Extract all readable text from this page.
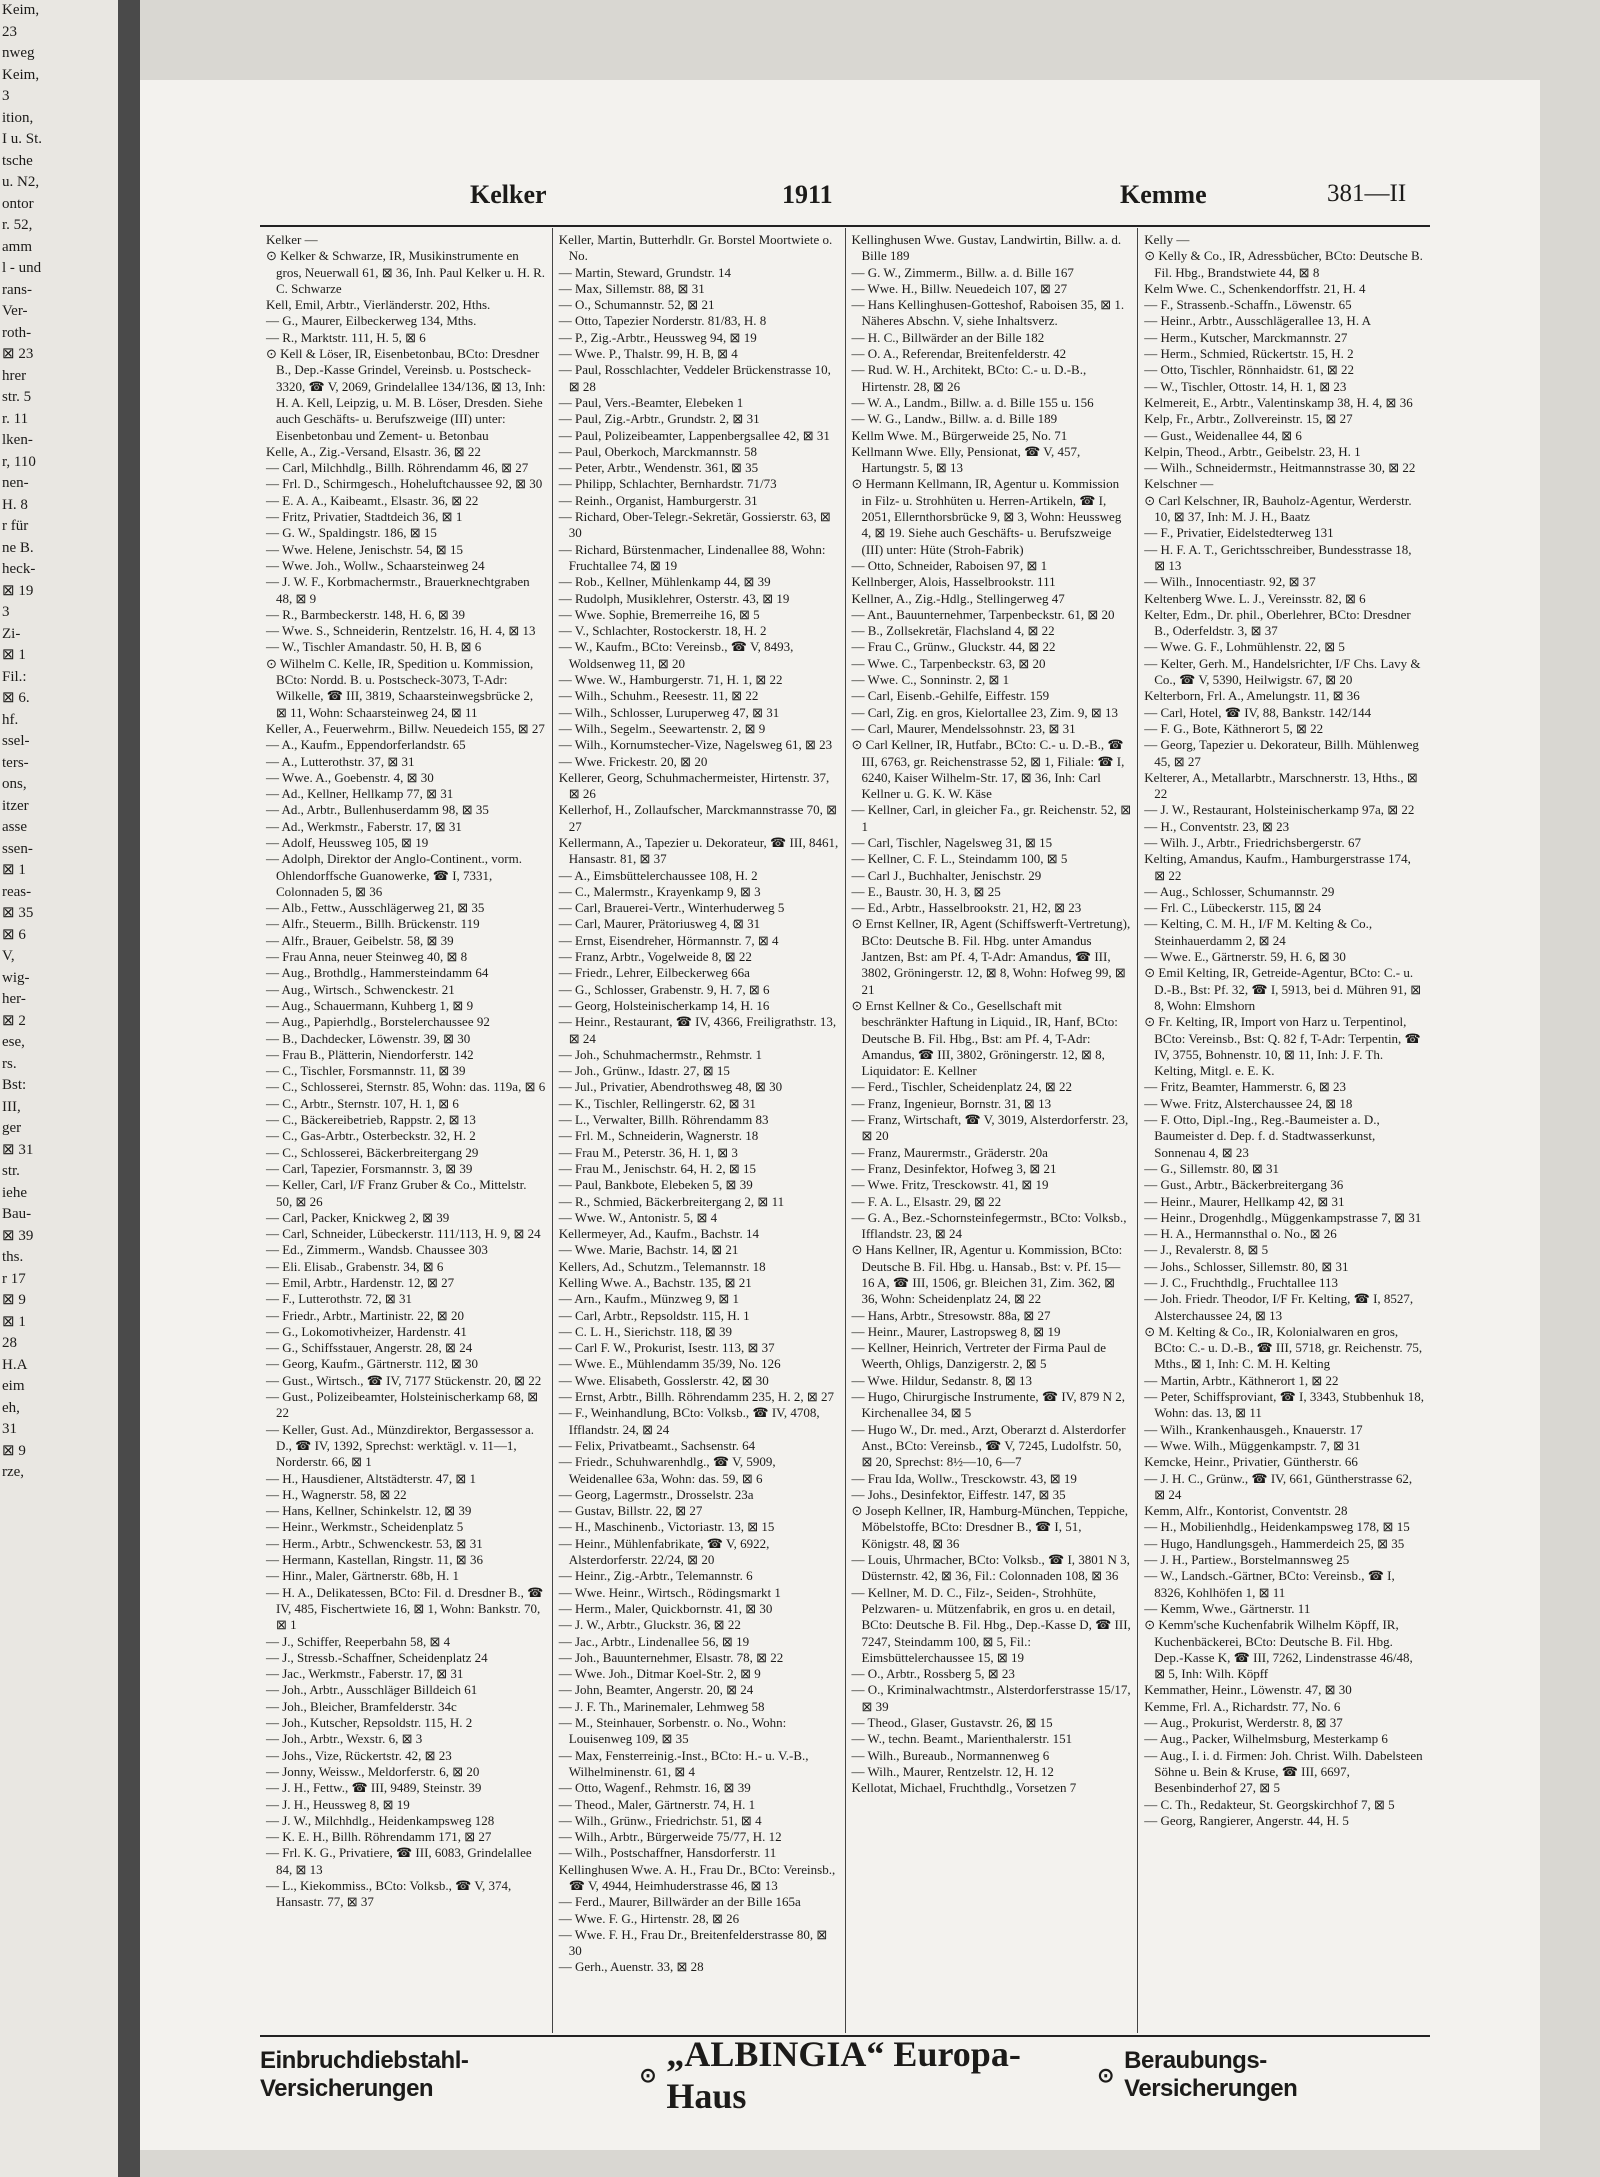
Keim,
23
nweg
Keim,
3
ition,
I u. St.
tsche
u. N2,
ontor
r. 52,
amm
l - und
rans-
Ver-
roth-
⊠ 23
hrer
str. 5
r. 11
lken-
r, 110
nen-
H. 8
r für
ne B.
heck-
⊠ 19
3
Zi-
⊠ 1
Fil.:
⊠ 6.
hf.
ssel-
ters-
ons,
itzer
asse
ssen-
⊠ 1
reas-
⊠ 35
⊠ 6
V,
wig-
her-
⊠ 2
ese,
rs.
Bst:
III,
ger
⊠ 31
str.
iehe
Bau-
⊠ 39
ths.
r 17
⊠ 9
⊠ 1
28
H.A
eim
eh,
31
⊠ 9
rze,
Kelker	1911	Kemme	381—II

Kelker —

⊙ Kelker & Schwarze, IR, Musikinstrumente en gros, Neuerwall 61, ⊠ 36, Inh. Paul Kelker u. H. R. C. Schwarze

Kell, Emil, Arbtr., Vierländerstr. 202, Hths.

— G., Maurer, Eilbeckerweg 134, Mths.

— R., Marktstr. 111, H. 5, ⊠ 6

⊙ Kell & Löser, IR, Eisenbetonbau, BCto: Dresdner B., Dep.-Kasse Grindel, Vereinsb. u. Postscheck-3320, ☎ V, 2069, Grindelallee 134/136, ⊠ 13, Inh: H. A. Kell, Leipzig, u. M. B. Löser, Dresden. Siehe auch Geschäfts- u. Berufszweige (III) unter: Eisenbetonbau und Zement- u. Betonbau

Kelle, A., Zig.-Versand, Elsastr. 36, ⊠ 22

— Carl, Milchhdlg., Billh. Röhrendamm 46, ⊠ 27

— Frl. D., Schirmgesch., Hoheluftchaussee 92, ⊠ 30

— E. A. A., Kaibeamt., Elsastr. 36, ⊠ 22

— Fritz, Privatier, Stadtdeich 36, ⊠ 1

— G. W., Spaldingstr. 186, ⊠ 15

— Wwe. Helene, Jenischstr. 54, ⊠ 15

— Wwe. Joh., Wollw., Schaarsteinweg 24

— J. W. F., Korbmachermstr., Brauerknechtgraben 48, ⊠ 9

— R., Barmbeckerstr. 148, H. 6, ⊠ 39

— Wwe. S., Schneiderin, Rentzelstr. 16, H. 4, ⊠ 13

— W., Tischler Amandastr. 50, H. B, ⊠ 6

⊙ Wilhelm C. Kelle, IR, Spedition u. Kommission, BCto: Nordd. B. u. Postscheck-3073, T-Adr: Wilkelle, ☎ III, 3819, Schaarsteinwegsbrücke 2, ⊠ 11, Wohn: Schaarsteinweg 24, ⊠ 11

Keller, A., Feuerwehrm., Billw. Neuedeich 155, ⊠ 27

— A., Kaufm., Eppendorferlandstr. 65

— A., Lutterothstr. 37, ⊠ 31

— Wwe. A., Goebenstr. 4, ⊠ 30

— Ad., Kellner, Hellkamp 77, ⊠ 31

— Ad., Arbtr., Bullenhuserdamm 98, ⊠ 35

— Ad., Werkmstr., Faberstr. 17, ⊠ 31

— Adolf, Heussweg 105, ⊠ 19

— Adolph, Direktor der Anglo-Continent., vorm. Ohlendorffsche Guanowerke, ☎ I, 7331, Colonnaden 5, ⊠ 36

— Alb., Fettw., Ausschlägerweg 21, ⊠ 35

— Alfr., Steuerm., Billh. Brückenstr. 119

— Alfr., Brauer, Geibelstr. 58, ⊠ 39

— Frau Anna, neuer Steinweg 40, ⊠ 8

— Aug., Brothdlg., Hammersteindamm 64

— Aug., Wirtsch., Schwenckestr. 21

— Aug., Schauermann, Kuhberg 1, ⊠ 9

— Aug., Papierhdlg., Borstelerchaussee 92

— B., Dachdecker, Löwenstr. 39, ⊠ 30

— Frau B., Plätterin, Niendorferstr. 142

— C., Tischler, Forsmannstr. 11, ⊠ 39

— C., Schlosserei, Sternstr. 85, Wohn: das. 119a, ⊠ 6

— C., Arbtr., Sternstr. 107, H. 1, ⊠ 6

— C., Bäckereibetrieb, Rappstr. 2, ⊠ 13

— C., Gas-Arbtr., Osterbeckstr. 32, H. 2

— C., Schlosserei, Bäckerbreitergang 29

— Carl, Tapezier, Forsmannstr. 3, ⊠ 39

— Keller, Carl, I/F Franz Gruber & Co., Mittelstr. 50, ⊠ 26

— Carl, Packer, Knickweg 2, ⊠ 39

— Carl, Schneider, Lübeckerstr. 111/113, H. 9, ⊠ 24

— Ed., Zimmerm., Wandsb. Chaussee 303

— Eli. Elisab., Grabenstr. 34, ⊠ 6

— Emil, Arbtr., Hardenstr. 12, ⊠ 27

— F., Lutterothstr. 72, ⊠ 31

— Friedr., Arbtr., Martinistr. 22, ⊠ 20

— G., Lokomotivheizer, Hardenstr. 41

— G., Schiffsstauer, Angerstr. 28, ⊠ 24

— Georg, Kaufm., Gärtnerstr. 112, ⊠ 30

— Gust., Wirtsch., ☎ IV, 7177 Stückenstr. 20, ⊠ 22

— Gust., Polizeibeamter, Holsteinischerkamp 68, ⊠ 22

— Keller, Gust. Ad., Münzdirektor, Bergassessor a. D., ☎ IV, 1392, Sprechst: werktägl. v. 11—1, Norderstr. 66, ⊠ 1

— H., Hausdiener, Altstädterstr. 47, ⊠ 1

— H., Wagnerstr. 58, ⊠ 22

— Hans, Kellner, Schinkelstr. 12, ⊠ 39

— Heinr., Werkmstr., Scheidenplatz 5

— Herm., Arbtr., Schwenckestr. 53, ⊠ 31

— Hermann, Kastellan, Ringstr. 11, ⊠ 36

— Hinr., Maler, Gärtnerstr. 68b, H. 1

— H. A., Delikatessen, BCto: Fil. d. Dresdner B., ☎ IV, 485, Fischertwiete 16, ⊠ 1, Wohn: Bankstr. 70, ⊠ 1

— J., Schiffer, Reeperbahn 58, ⊠ 4

— J., Stressb.-Schaffner, Scheidenplatz 24

— Jac., Werkmstr., Faberstr. 17, ⊠ 31

— Joh., Arbtr., Ausschläger Billdeich 61

— Joh., Bleicher, Bramfelderstr. 34c

— Joh., Kutscher, Repsoldstr. 115, H. 2

— Joh., Arbtr., Wexstr. 6, ⊠ 3

— Johs., Vize, Rückertstr. 42, ⊠ 23

— Jonny, Weissw., Meldorferstr. 6, ⊠ 20

— J. H., Fettw., ☎ III, 9489, Steinstr. 39

— J. H., Heussweg 8, ⊠ 19

— J. W., Milchhdlg., Heidenkampsweg 128

— K. E. H., Billh. Röhrendamm 171, ⊠ 27

— Frl. K. G., Privatiere, ☎ III, 6083, Grindelallee 84, ⊠ 13

— L., Kiekommiss., BCto: Volksb., ☎ V, 374, Hansastr. 77, ⊠ 37

Keller, Martin, Butterhdlr. Gr. Borstel Moortwiete o. No.

— Martin, Steward, Grundstr. 14

— Max, Sillemstr. 88, ⊠ 31

— O., Schumannstr. 52, ⊠ 21

— Otto, Tapezier Norderstr. 81/83, H. 8

— P., Zig.-Arbtr., Heussweg 94, ⊠ 19

— Wwe. P., Thalstr. 99, H. B, ⊠ 4

— Paul, Rosschlachter, Veddeler Brückenstrasse 10, ⊠ 28

— Paul, Vers.-Beamter, Elebeken 1

— Paul, Zig.-Arbtr., Grundstr. 2, ⊠ 31

— Paul, Polizeibeamter, Lappenbergsallee 42, ⊠ 31

— Paul, Oberkoch, Marckmannstr. 58

— Peter, Arbtr., Wendenstr. 361, ⊠ 35

— Philipp, Schlachter, Bernhardstr. 71/73

— Reinh., Organist, Hamburgerstr. 31

— Richard, Ober-Telegr.-Sekretär, Gossierstr. 63, ⊠ 30

— Richard, Bürstenmacher, Lindenallee 88, Wohn: Fruchtallee 74, ⊠ 19

— Rob., Kellner, Mühlenkamp 44, ⊠ 39

— Rudolph, Musiklehrer, Osterstr. 43, ⊠ 19

— Wwe. Sophie, Bremerreihe 16, ⊠ 5

— V., Schlachter, Rostockerstr. 18, H. 2

— W., Kaufm., BCto: Vereinsb., ☎ V, 8493, Woldsenweg 11, ⊠ 20

— Wwe. W., Hamburgerstr. 71, H. 1, ⊠ 22

— Wilh., Schuhm., Reesestr. 11, ⊠ 22

— Wilh., Schlosser, Luruperweg 47, ⊠ 31

— Wilh., Segelm., Seewartenstr. 2, ⊠ 9

— Wilh., Kornumstecher-Vize, Nagelsweg 61, ⊠ 23

— Wwe. Frickestr. 20, ⊠ 20

Kellerer, Georg, Schuhmachermeister, Hirtenstr. 37, ⊠ 26

Kellerhof, H., Zollaufscher, Marckmannstrasse 70, ⊠ 27

Kellermann, A., Tapezier u. Dekorateur, ☎ III, 8461, Hansastr. 81, ⊠ 37

— A., Eimsbüttelerchaussee 108, H. 2

— C., Malermstr., Krayenkamp 9, ⊠ 3

— Carl, Brauerei-Vertr., Winterhuderweg 5

— Carl, Maurer, Prätoriusweg 4, ⊠ 31

— Ernst, Eisendreher, Hörmannstr. 7, ⊠ 4

— Franz, Arbtr., Vogelweide 8, ⊠ 22

— Friedr., Lehrer, Eilbeckerweg 66a

— G., Schlosser, Grabenstr. 9, H. 7, ⊠ 6

— Georg, Holsteinischerkamp 14, H. 16

— Heinr., Restaurant, ☎ IV, 4366, Freiligrathstr. 13, ⊠ 24

— Joh., Schuhmachermstr., Rehmstr. 1

— Joh., Grünw., Idastr. 27, ⊠ 15

— Jul., Privatier, Abendrothsweg 48, ⊠ 30

— K., Tischler, Rellingerstr. 62, ⊠ 31

— L., Verwalter, Billh. Röhrendamm 83

— Frl. M., Schneiderin, Wagnerstr. 18

— Frau M., Peterstr. 36, H. 1, ⊠ 3

— Frau M., Jenischstr. 64, H. 2, ⊠ 15

— Paul, Bankbote, Elebeken 5, ⊠ 39

— R., Schmied, Bäckerbreitergang 2, ⊠ 11

— Wwe. W., Antonistr. 5, ⊠ 4

Kellermeyer, Ad., Kaufm., Bachstr. 14

— Wwe. Marie, Bachstr. 14, ⊠ 21

Kellers, Ad., Schutzm., Telemannstr. 18

Kelling Wwe. A., Bachstr. 135, ⊠ 21

— Arn., Kaufm., Münzweg 9, ⊠ 1

— Carl, Arbtr., Repsoldstr. 115, H. 1

— C. L. H., Sierichstr. 118, ⊠ 39

— Carl F. W., Prokurist, Isestr. 113, ⊠ 37

— Wwe. E., Mühlendamm 35/39, No. 126

— Wwe. Elisabeth, Gosslerstr. 42, ⊠ 30

— Ernst, Arbtr., Billh. Röhrendamm 235, H. 2, ⊠ 27

— F., Weinhandlung, BCto: Volksb., ☎ IV, 4708, Ifflandstr. 24, ⊠ 24

— Felix, Privatbeamt., Sachsenstr. 64

— Friedr., Schuhwarenhdlg., ☎ V, 5909, Weidenallee 63a, Wohn: das. 59, ⊠ 6

— Georg, Lagermstr., Drosselstr. 23a

— Gustav, Billstr. 22, ⊠ 27

— H., Maschinenb., Victoriastr. 13, ⊠ 15

— Heinr., Mühlenfabrikate, ☎ V, 6922, Alsterdorferstr. 22/24, ⊠ 20

— Heinr., Zig.-Arbtr., Telemannstr. 6

— Wwe. Heinr., Wirtsch., Rödingsmarkt 1

— Herm., Maler, Quickbornstr. 41, ⊠ 30

— J. W., Arbtr., Gluckstr. 36, ⊠ 22

— Jac., Arbtr., Lindenallee 56, ⊠ 19

— Joh., Bauunternehmer, Elsastr. 78, ⊠ 22

— Wwe. Joh., Ditmar Koel-Str. 2, ⊠ 9

— John, Beamter, Angerstr. 20, ⊠ 24

— J. F. Th., Marinemaler, Lehmweg 58

— M., Steinhauer, Sorbenstr. o. No., Wohn: Louisenweg 109, ⊠ 35

— Max, Fensterreinig.-Inst., BCto: H.- u. V.-B., Wilhelminenstr. 61, ⊠ 4

— Otto, Wagenf., Rehmstr. 16, ⊠ 39

— Theod., Maler, Gärtnerstr. 74, H. 1

— Wilh., Grünw., Friedrichstr. 51, ⊠ 4

— Wilh., Arbtr., Bürgerweide 75/77, H. 12

— Wilh., Postschaffner, Hansdorferstr. 11

Kellinghusen Wwe. A. H., Frau Dr., BCto: Vereinsb., ☎ V, 4944, Heimhuderstrasse 46, ⊠ 13

— Ferd., Maurer, Billwärder an der Bille 165a

— Wwe. F. G., Hirtenstr. 28, ⊠ 26

— Wwe. F. H., Frau Dr., Breitenfelderstrasse 80, ⊠ 30

— Gerh., Auenstr. 33, ⊠ 28

Kellinghusen Wwe. Gustav, Landwirtin, Billw. a. d. Bille 189

— G. W., Zimmerm., Billw. a. d. Bille 167

— Wwe. H., Billw. Neuedeich 107, ⊠ 27

— Hans Kellinghusen-Gotteshof, Raboisen 35, ⊠ 1. Näheres Abschn. V, siehe Inhaltsverz.

— H. C., Billwärder an der Bille 182

— O. A., Referendar, Breitenfelderstr. 42

— Rud. W. H., Architekt, BCto: C.- u. D.-B., Hirtenstr. 28, ⊠ 26

— W. A., Landm., Billw. a. d. Bille 155 u. 156

— W. G., Landw., Billw. a. d. Bille 189

Kellm Wwe. M., Bürgerweide 25, No. 71

Kellmann Wwe. Elly, Pensionat, ☎ V, 457, Hartungstr. 5, ⊠ 13

⊙ Hermann Kellmann, IR, Agentur u. Kommission in Filz- u. Strohhüten u. Herren-Artikeln, ☎ I, 2051, Ellernthorsbrücke 9, ⊠ 3, Wohn: Heussweg 4, ⊠ 19. Siehe auch Geschäfts- u. Berufszweige (III) unter: Hüte (Stroh-Fabrik)

— Otto, Schneider, Raboisen 97, ⊠ 1

Kellnberger, Alois, Hasselbrookstr. 111

Kellner, A., Zig.-Hdlg., Stellingerweg 47

— Ant., Bauunternehmer, Tarpenbeckstr. 61, ⊠ 20

— B., Zollsekretär, Flachsland 4, ⊠ 22

— Frau C., Grünw., Gluckstr. 44, ⊠ 22

— Wwe. C., Tarpenbeckstr. 63, ⊠ 20

— Wwe. C., Sonninstr. 2, ⊠ 1

— Carl, Eisenb.-Gehilfe, Eiffestr. 159

— Carl, Zig. en gros, Kielortallee 23, Zim. 9, ⊠ 13

— Carl, Maurer, Mendelssohnstr. 23, ⊠ 31

⊙ Carl Kellner, IR, Hutfabr., BCto: C.- u. D.-B., ☎ III, 6763, gr. Reichenstrasse 52, ⊠ 1, Filiale: ☎ I, 6240, Kaiser Wilhelm-Str. 17, ⊠ 36, Inh: Carl Kellner u. G. K. W. Käse

— Kellner, Carl, in gleicher Fa., gr. Reichenstr. 52, ⊠ 1

— Carl, Tischler, Nagelsweg 31, ⊠ 15

— Kellner, C. F. L., Steindamm 100, ⊠ 5

— Carl J., Buchhalter, Jenischstr. 29

— E., Baustr. 30, H. 3, ⊠ 25

— Ed., Arbtr., Hasselbrookstr. 21, H2, ⊠ 23

⊙ Ernst Kellner, IR, Agent (Schiffswerft-Vertretung), BCto: Deutsche B. Fil. Hbg. unter Amandus Jantzen, Bst: am Pf. 4, T-Adr: Amandus, ☎ III, 3802, Gröningerstr. 12, ⊠ 8, Wohn: Hofweg 99, ⊠ 21

⊙ Ernst Kellner & Co., Gesellschaft mit beschränkter Haftung in Liquid., IR, Hanf, BCto: Deutsche B. Fil. Hbg., Bst: am Pf. 4, T-Adr: Amandus, ☎ III, 3802, Gröningerstr. 12, ⊠ 8, Liquidator: E. Kellner

— Ferd., Tischler, Scheidenplatz 24, ⊠ 22

— Franz, Ingenieur, Bornstr. 31, ⊠ 13

— Franz, Wirtschaft, ☎ V, 3019, Alsterdorferstr. 23, ⊠ 20

— Franz, Maurermstr., Gräderstr. 20a

— Franz, Desinfektor, Hofweg 3, ⊠ 21

— Wwe. Fritz, Tresckowstr. 41, ⊠ 19

— F. A. L., Elsastr. 29, ⊠ 22

— G. A., Bez.-Schornsteinfegermstr., BCto: Volksb., Ifflandstr. 23, ⊠ 24

⊙ Hans Kellner, IR, Agentur u. Kommission, BCto: Deutsche B. Fil. Hbg. u. Hansab., Bst: v. Pf. 15—16 A, ☎ III, 1506, gr. Bleichen 31, Zim. 362, ⊠ 36, Wohn: Scheidenplatz 24, ⊠ 22

— Hans, Arbtr., Stresowstr. 88a, ⊠ 27

— Heinr., Maurer, Lastropsweg 8, ⊠ 19

— Kellner, Heinrich, Vertreter der Firma Paul de Weerth, Ohligs, Danzigerstr. 2, ⊠ 5

— Wwe. Hildur, Sedanstr. 8, ⊠ 13

— Hugo, Chirurgische Instrumente, ☎ IV, 879 N 2, Kirchenallee 34, ⊠ 5

— Hugo W., Dr. med., Arzt, Oberarzt d. Alsterdorfer Anst., BCto: Vereinsb., ☎ V, 7245, Ludolfstr. 50, ⊠ 20, Sprechst: 8½—10, 6—7

— Frau Ida, Wollw., Tresckowstr. 43, ⊠ 19

— Johs., Desinfektor, Eiffestr. 147, ⊠ 35

⊙ Joseph Kellner, IR, Hamburg-München, Teppiche, Möbelstoffe, BCto: Dresdner B., ☎ I, 51, Königstr. 48, ⊠ 36

— Louis, Uhrmacher, BCto: Volksb., ☎ I, 3801 N 3, Düsternstr. 42, ⊠ 36, Fil.: Colonnaden 108, ⊠ 36

— Kellner, M. D. C., Filz-, Seiden-, Strohhüte, Pelzwaren- u. Mützenfabrik, en gros u. en detail, BCto: Deutsche B. Fil. Hbg., Dep.-Kasse D, ☎ III, 7247, Steindamm 100, ⊠ 5, Fil.: Eimsbüttelerchaussee 15, ⊠ 19

— O., Arbtr., Rossberg 5, ⊠ 23

— O., Kriminalwachtmstr., Alsterdorferstrasse 15/17, ⊠ 39

— Theod., Glaser, Gustavstr. 26, ⊠ 15

— W., techn. Beamt., Marienthalerstr. 151

— Wilh., Bureaub., Normannenweg 6

— Wilh., Maurer, Rentzelstr. 12, H. 12

Kellotat, Michael, Fruchthdlg., Vorsetzen 7

Kelly —

⊙ Kelly & Co., IR, Adressbücher, BCto: Deutsche B. Fil. Hbg., Brandstwiete 44, ⊠ 8

Kelm Wwe. C., Schenkendorffstr. 21, H. 4

— F., Strassenb.-Schaffn., Löwenstr. 65

— Heinr., Arbtr., Ausschlägerallee 13, H. A

— Herm., Kutscher, Marckmannstr. 27

— Herm., Schmied, Rückertstr. 15, H. 2

— Otto, Tischler, Rönnhaidstr. 61, ⊠ 22

— W., Tischler, Ottostr. 14, H. 1, ⊠ 23

Kelmereit, E., Arbtr., Valentinskamp 38, H. 4, ⊠ 36

Kelp, Fr., Arbtr., Zollvereinstr. 15, ⊠ 27

— Gust., Weidenallee 44, ⊠ 6

Kelpin, Theod., Arbtr., Geibelstr. 23, H. 1

— Wilh., Schneidermstr., Heitmannstrasse 30, ⊠ 22

Kelschner —

⊙ Carl Kelschner, IR, Bauholz-Agentur, Werderstr. 10, ⊠ 37, Inh: M. J. H., Baatz

— F., Privatier, Eidelstedterweg 131

— H. F. A. T., Gerichtsschreiber, Bundesstrasse 18, ⊠ 13

— Wilh., Innocentiastr. 92, ⊠ 37

Keltenberg Wwe. L. J., Vereinsstr. 82, ⊠ 6

Kelter, Edm., Dr. phil., Oberlehrer, BCto: Dresdner B., Oderfeldstr. 3, ⊠ 37

— Wwe. G. F., Lohmühlenstr. 22, ⊠ 5

— Kelter, Gerh. M., Handelsrichter, I/F Chs. Lavy & Co., ☎ V, 5390, Heilwigstr. 67, ⊠ 20

Kelterborn, Frl. A., Amelungstr. 11, ⊠ 36

— Carl, Hotel, ☎ IV, 88, Bankstr. 142/144

— F. G., Bote, Käthnerort 5, ⊠ 22

— Georg, Tapezier u. Dekorateur, Billh. Mühlenweg 45, ⊠ 27

Kelterer, A., Metallarbtr., Marschnerstr. 13, Hths., ⊠ 22

— J. W., Restaurant, Holsteinischerkamp 97a, ⊠ 22

— H., Conventstr. 23, ⊠ 23

— Wilh. J., Arbtr., Friedrichsbergerstr. 67

Kelting, Amandus, Kaufm., Hamburgerstrasse 174, ⊠ 22

— Aug., Schlosser, Schumannstr. 29

— Frl. C., Lübeckerstr. 115, ⊠ 24

— Kelting, C. M. H., I/F M. Kelting & Co., Steinhauerdamm 2, ⊠ 24

— Wwe. E., Gärtnerstr. 59, H. 6, ⊠ 30

⊙ Emil Kelting, IR, Getreide-Agentur, BCto: C.- u. D.-B., Bst: Pf. 32, ☎ I, 5913, bei d. Mühren 91, ⊠ 8, Wohn: Elmshorn

⊙ Fr. Kelting, IR, Import von Harz u. Terpentinol, BCto: Vereinsb., Bst: Q. 82 f, T-Adr: Terpentin, ☎ IV, 3755, Bohnenstr. 10, ⊠ 11, Inh: J. F. Th. Kelting, Mitgl. e. E. K.

— Fritz, Beamter, Hammerstr. 6, ⊠ 23

— Wwe. Fritz, Alsterchaussee 24, ⊠ 18

— F. Otto, Dipl.-Ing., Reg.-Baumeister a. D., Baumeister d. Dep. f. d. Stadtwasserkunst, Sonnenau 4, ⊠ 23

— G., Sillemstr. 80, ⊠ 31

— Gust., Arbtr., Bäckerbreitergang 36

— Heinr., Maurer, Hellkamp 42, ⊠ 31

— Heinr., Drogenhdlg., Müggenkampstrasse 7, ⊠ 31

— H. A., Hermannsthal o. No., ⊠ 26

— J., Revalerstr. 8, ⊠ 5

— Johs., Schlosser, Sillemstr. 80, ⊠ 31

— J. C., Fruchthdlg., Fruchtallee 113

— Joh. Friedr. Theodor, I/F Fr. Kelting, ☎ I, 8527, Alsterchaussee 24, ⊠ 13

⊙ M. Kelting & Co., IR, Kolonialwaren en gros, BCto: C.- u. D.-B., ☎ III, 5718, gr. Reichenstr. 75, Mths., ⊠ 1, Inh: C. M. H. Kelting

— Martin, Arbtr., Käthnerort 1, ⊠ 22

— Peter, Schiffsproviant, ☎ I, 3343, Stubbenhuk 18, Wohn: das. 13, ⊠ 11

— Wilh., Krankenhausgeh., Knauerstr. 17

— Wwe. Wilh., Müggenkampstr. 7, ⊠ 31

Kemcke, Heinr., Privatier, Güntherstr. 66

— J. H. C., Grünw., ☎ IV, 661, Güntherstrasse 62, ⊠ 24

Kemm, Alfr., Kontorist, Conventstr. 28

— H., Mobilienhdlg., Heidenkampsweg 178, ⊠ 15

— Hugo, Handlungsgeh., Hammerdeich 25, ⊠ 35

— J. H., Partiew., Borstelmannsweg 25

— W., Landsch.-Gärtner, BCto: Vereinsb., ☎ I, 8326, Kohlhöfen 1, ⊠ 11

— Kemm, Wwe., Gärtnerstr. 11

⊙ Kemm'sche Kuchenfabrik Wilhelm Köpff, IR, Kuchenbäckerei, BCto: Deutsche B. Fil. Hbg. Dep.-Kasse K, ☎ III, 7262, Lindenstrasse 46/48, ⊠ 5, Inh: Wilh. Köpff

Kemmather, Heinr., Löwenstr. 47, ⊠ 30

Kemme, Frl. A., Richardstr. 77, No. 6

— Aug., Prokurist, Werderstr. 8, ⊠ 37

— Aug., Packer, Wilhelmsburg, Mesterkamp 6

— Aug., I. i. d. Firmen: Joh. Christ. Wilh. Dabelsteen Söhne u. Bein & Kruse, ☎ III, 6697, Besenbinderhof 27, ⊠ 5

— C. Th., Redakteur, St. Georgskirchhof 7, ⊠ 5

— Georg, Rangierer, Angerstr. 44, H. 5

Einbruchdiebstahl-Versicherungen	⊙
„ALBINGIA“ Europa-Haus
⊙
Beraubungs-Versicherungen
